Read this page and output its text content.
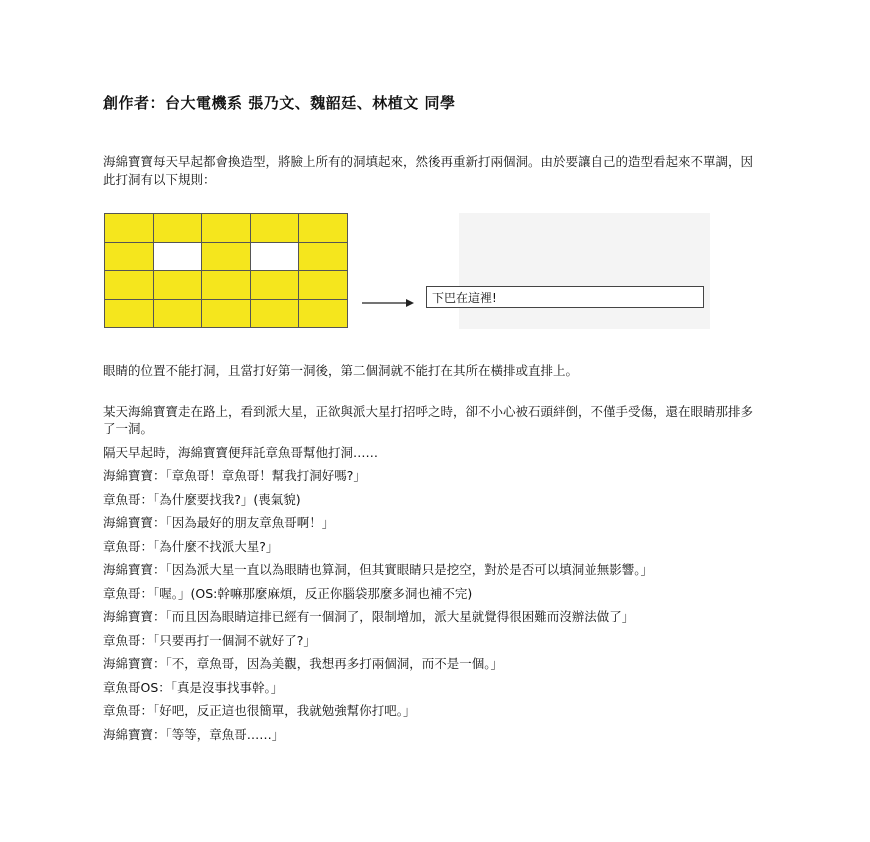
創作者：台大電機系 張乃文、魏韶廷、林植文 同學
海綿寶寶每天早起都會換造型，將臉上所有的洞填起來，然後再重新打兩個洞。由於要讓自己的造型看起來不單調，因此打洞有以下規則：
下巴在這裡!
眼睛的位置不能打洞，且當打好第一洞後，第二個洞就不能打在其所在橫排或直排上。

某天海綿寶寶走在路上，看到派大星，正欲與派大星打招呼之時，卻不小心被石頭絆倒，不僅手受傷，還在眼睛那排多了一洞。

隔天早起時，海綿寶寶便拜託章魚哥幫他打洞……

海綿寶寶：「章魚哥！章魚哥！幫我打洞好嗎?」

章魚哥：「為什麼要找我?」(喪氣貌)

海綿寶寶：「因為最好的朋友章魚哥啊！」

章魚哥：「為什麼不找派大星?」

海綿寶寶：「因為派大星一直以為眼睛也算洞，但其實眼睛只是挖空，對於是否可以填洞並無影響。」

章魚哥：「喔。」(OS:幹嘛那麼麻煩，反正你腦袋那麼多洞也補不完)

海綿寶寶：「而且因為眼睛這排已經有一個洞了，限制增加，派大星就覺得很困難而沒辦法做了」

章魚哥：「只要再打一個洞不就好了?」

海綿寶寶：「不，章魚哥，因為美觀，我想再多打兩個洞，而不是一個。」

章魚哥OS：「真是沒事找事幹。」

章魚哥：「好吧，反正這也很簡單，我就勉強幫你打吧。」

海綿寶寶：「等等，章魚哥……」
